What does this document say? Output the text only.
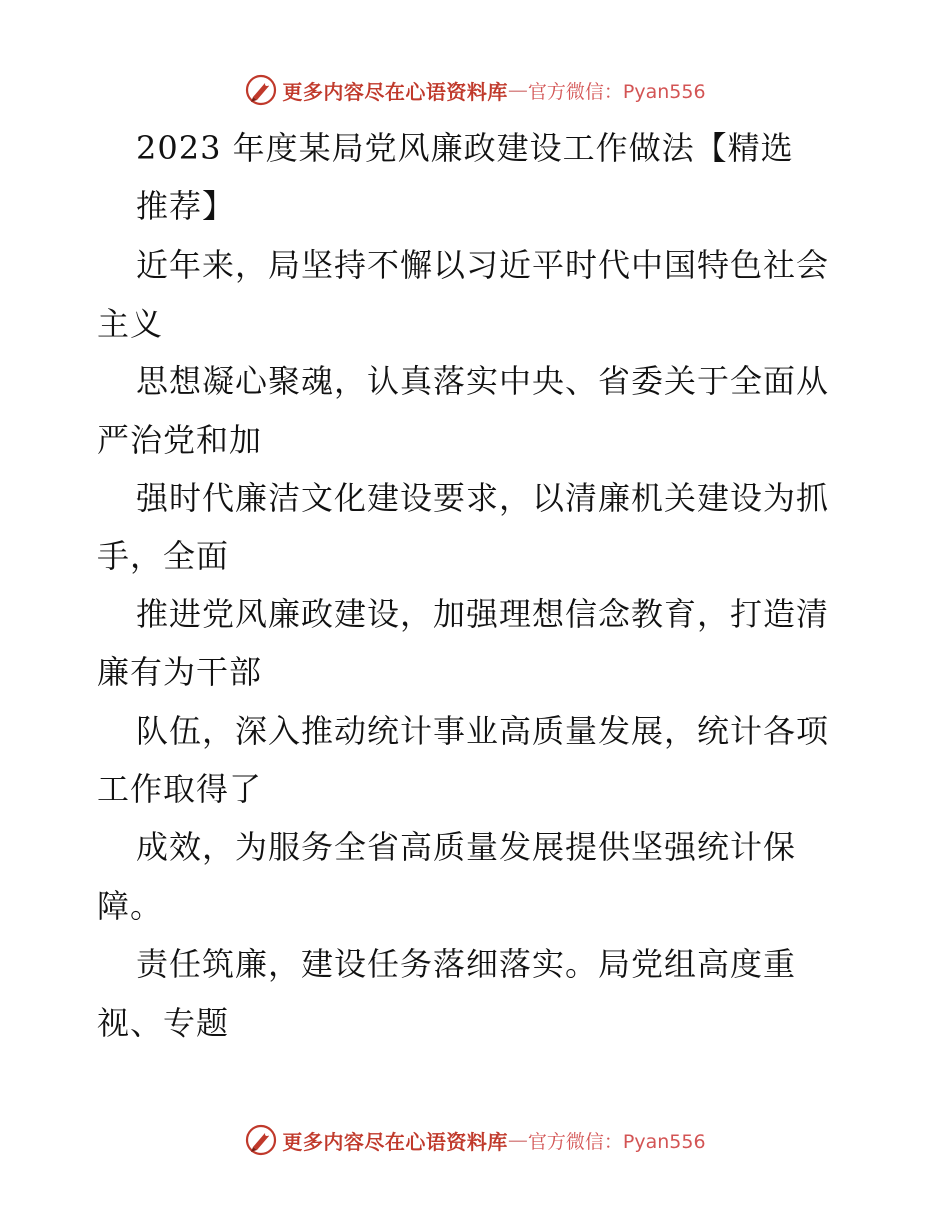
更多内容尽在心语资料库 — 官方微信：Pyan556
2023 年度某局党风廉政建设工作做法【精选
推荐】
近年来，局坚持不懈以习近平时代中国特色社会
主义
思想凝心聚魂，认真落实中央、省委关于全面从
严治党和加
强时代廉洁文化建设要求，以清廉机关建设为抓
手，全面
推进党风廉政建设，加强理想信念教育，打造清
廉有为干部
队伍，深入推动统计事业高质量发展，统计各项
工作取得了
成效，为服务全省高质量发展提供坚强统计保
障。
责任筑廉，建设任务落细落实。局党组高度重
视、专题
更多内容尽在心语资料库 — 官方微信：Pyan556
